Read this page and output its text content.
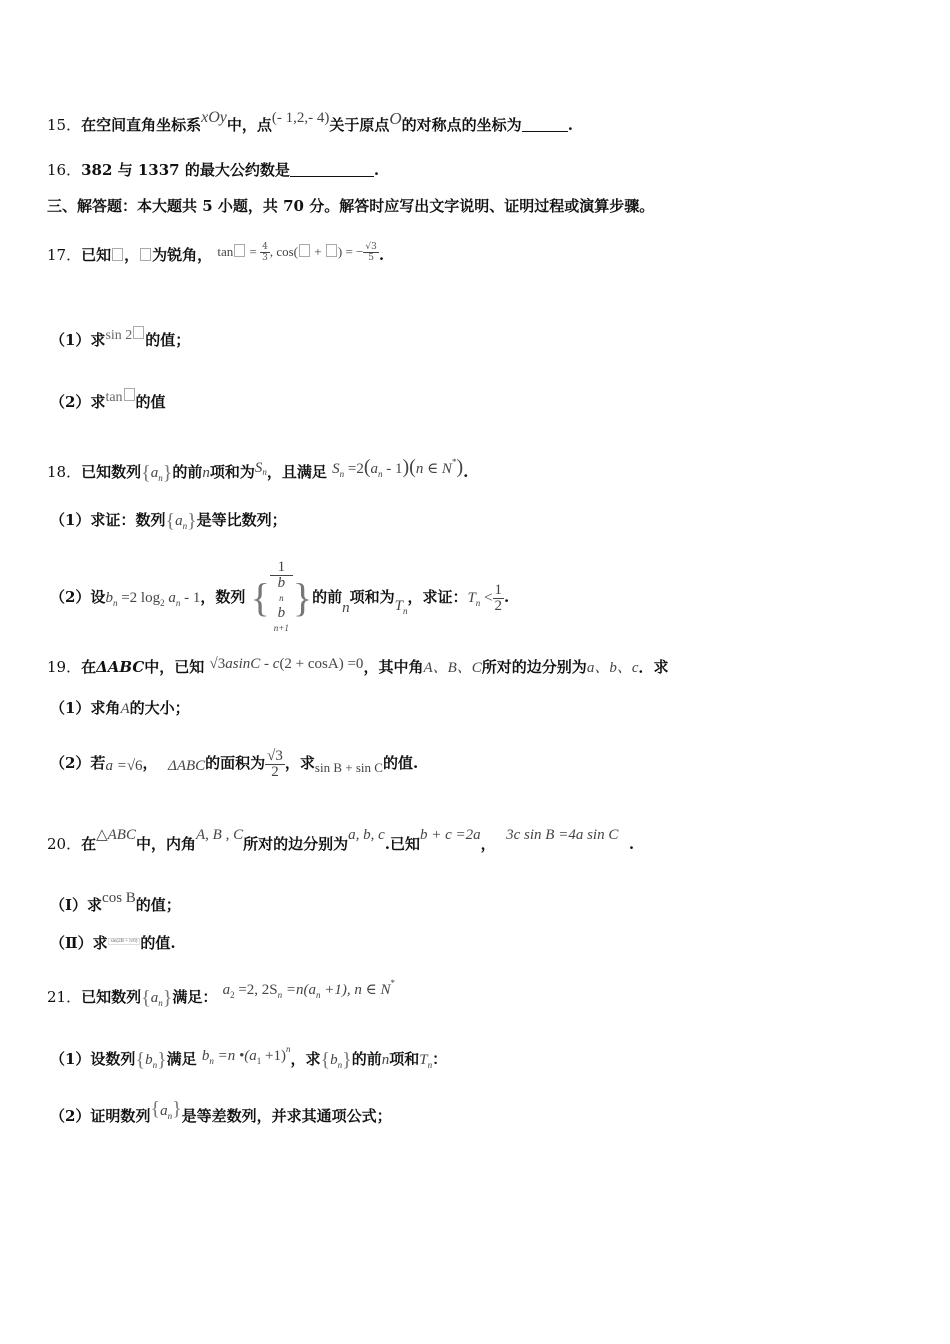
15．在空间直角坐标系xOy中，点(- 1,2,- 4)关于原点O的对称点的坐标为	.
16．382 与 1337 的最大公约数是	.
三、解答题：本大题共 5 小题，共 70 分。解答时应写出文字说明、证明过程或演算步骤。
17．已知 ， 为锐角， $\tan = \frac{4}{3}$ , cos( + ) = − $\frac{√3}{5}$ .
（1）求sin 2 的值；
（2）求tan 的值
18．已知数列$\{a_n\}$的前n项和为$S^n$，且满足 $S_n =2(a_n - 1)(n$ ∈ N*).
（1）求证：数列$\{a_n\}$是等比数列；
（2）设$b_n =2$ $\log_2 a_n - 1$，数列 { 1
b
n
b
n+1 }的前n项和为$T_n$，求证：$T_n < \frac{1}{2}$ .
19．在ΔABC中，已知 √3asinC - c(2 + cosA) =0，其中角A、B、C所对的边分别为a、b、c．求
（1）求角A的大小；
（2）若a =√6， ΔABC的面积为 $\frac{√3}{2}$ ，求sin B + sin C的值.
20．在△ABC中，内角A, B , C所对的边分别为a, b, c.已知b + c =2a， 3c sin B =4a sin C .
（Ⅰ）求cos B的值；
（Ⅱ）求 $^{sin(2B + \pi/6)}$ 的值.
21．已知数列$\{a_n\}$满足： $a_2 =2$, $2S_n =n(a_n +1)$, n ∈ N*
（1）设数列$\{b_n\}$满足 $b_n =n$ $•(a_1 +1)^n$，求$\{b_n\}$的前n项和$T_n$：
（2）证明数列$\{a^n\}$是等差数列，并求其通项公式；
